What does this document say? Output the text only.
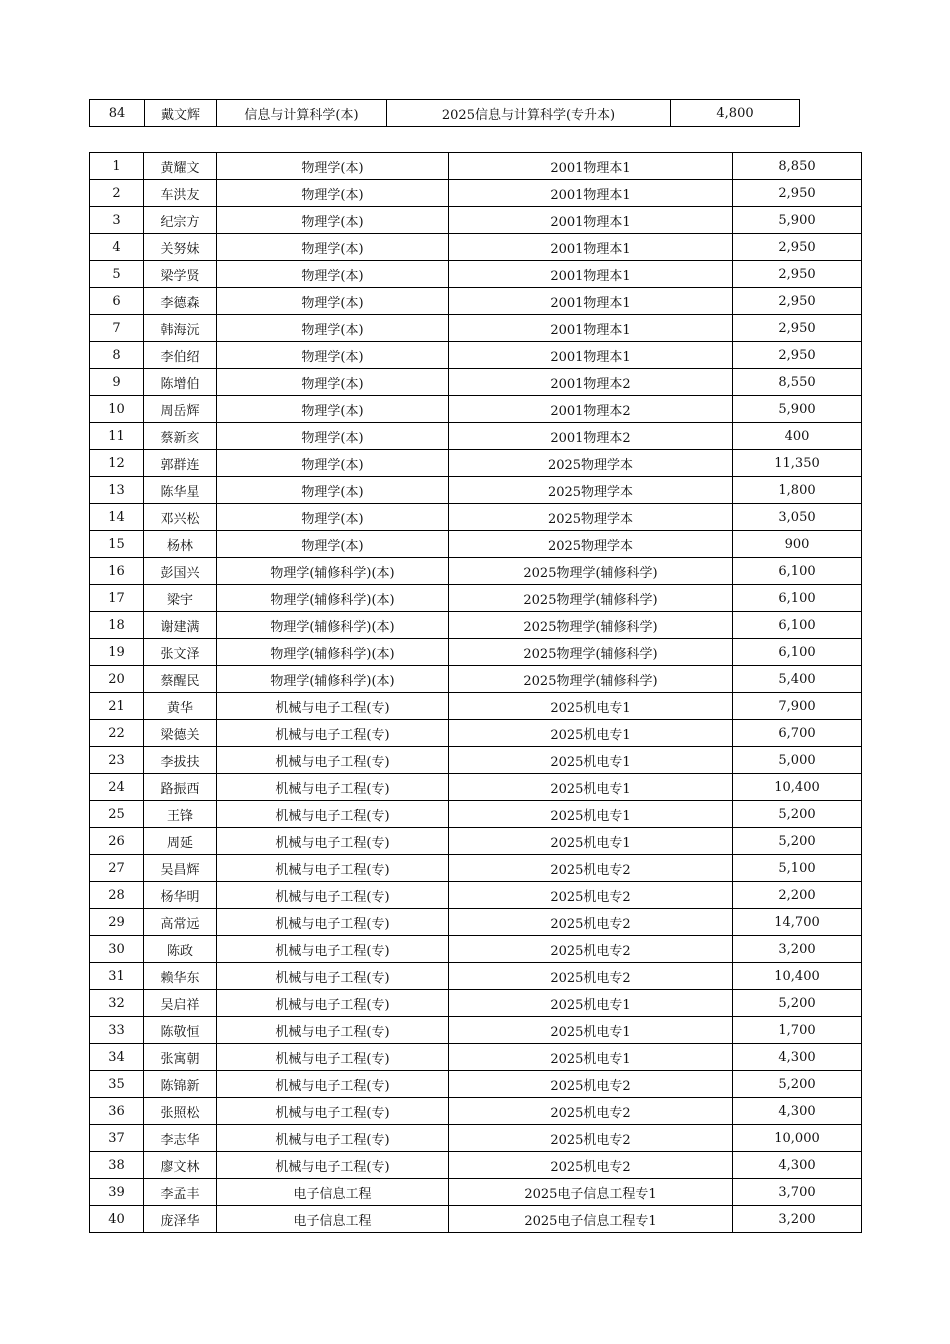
84	戴文辉	信息与计算科学(本)	2025信息与计算科学(专升本)	4,800
1	黄耀文	物理学(本)	2001物理本1	8,850
2	车洪友	物理学(本)	2001物理本1	2,950
3	纪宗方	物理学(本)	2001物理本1	5,900
4	关努妹	物理学(本)	2001物理本1	2,950
5	梁学贤	物理学(本)	2001物理本1	2,950
6	李德森	物理学(本)	2001物理本1	2,950
7	韩海沅	物理学(本)	2001物理本1	2,950
8	李伯绍	物理学(本)	2001物理本1	2,950
9	陈增伯	物理学(本)	2001物理本2	8,550
10	周岳辉	物理学(本)	2001物理本2	5,900
11	蔡新亥	物理学(本)	2001物理本2	400
12	郭群连	物理学(本)	2025物理学本	11,350
13	陈华星	物理学(本)	2025物理学本	1,800
14	邓兴松	物理学(本)	2025物理学本	3,050
15	杨林	物理学(本)	2025物理学本	900
16	彭国兴	物理学(辅修科学)(本)	2025物理学(辅修科学)	6,100
17	梁宇	物理学(辅修科学)(本)	2025物理学(辅修科学)	6,100
18	谢建满	物理学(辅修科学)(本)	2025物理学(辅修科学)	6,100
19	张文泽	物理学(辅修科学)(本)	2025物理学(辅修科学)	6,100
20	蔡醒民	物理学(辅修科学)(本)	2025物理学(辅修科学)	5,400
21	黄华	机械与电子工程(专)	2025机电专1	7,900
22	梁德关	机械与电子工程(专)	2025机电专1	6,700
23	李拔扶	机械与电子工程(专)	2025机电专1	5,000
24	路振西	机械与电子工程(专)	2025机电专1	10,400
25	王锋	机械与电子工程(专)	2025机电专1	5,200
26	周延	机械与电子工程(专)	2025机电专1	5,200
27	吴昌辉	机械与电子工程(专)	2025机电专2	5,100
28	杨华明	机械与电子工程(专)	2025机电专2	2,200
29	高常远	机械与电子工程(专)	2025机电专2	14,700
30	陈政	机械与电子工程(专)	2025机电专2	3,200
31	赖华东	机械与电子工程(专)	2025机电专2	10,400
32	吴启祥	机械与电子工程(专)	2025机电专1	5,200
33	陈敬恒	机械与电子工程(专)	2025机电专1	1,700
34	张寓朝	机械与电子工程(专)	2025机电专1	4,300
35	陈锦新	机械与电子工程(专)	2025机电专2	5,200
36	张照松	机械与电子工程(专)	2025机电专2	4,300
37	李志华	机械与电子工程(专)	2025机电专2	10,000
38	廖文林	机械与电子工程(专)	2025机电专2	4,300
39	李孟丰	电子信息工程	2025电子信息工程专1	3,700
40	庞泽华	电子信息工程	2025电子信息工程专1	3,200
